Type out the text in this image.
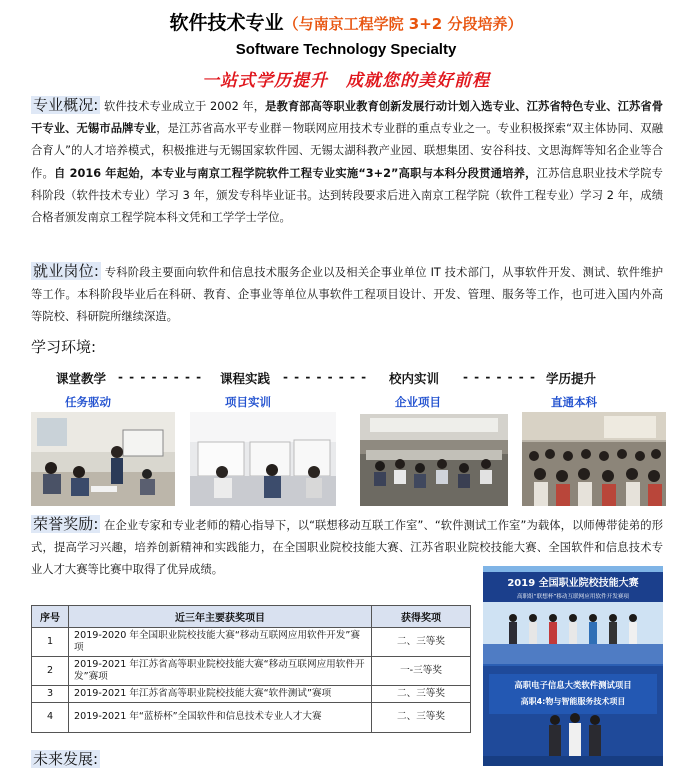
软件技术专业（与南京工程学院 3+2 分段培养）
Software Technology Specialty
一站式学历提升　成就您的美好前程
专业概况: 软件技术专业成立于 2002 年，是教育部高等职业教育创新发展行动计划入选专业、江苏省特色专业、江苏省骨干专业、无锡市品牌专业，是江苏省高水平专业群－物联网应用技术专业群的重点专业之一。专业积极探索“双主体协同、双融合育人”的人才培养模式，积极推进与无锡国家软件园、无锡太湖科教产业园、联想集团、安谷科技、文思海辉等知名企业等合作。自 2016 年起始，本专业与南京工程学院软件工程专业实施“3+2”高职与本科分段贯通培养，江苏信息职业技术学院专科阶段（软件技术专业）学习 3 年，颁发专科毕业证书。达到转段要求后进入南京工程学院（软件工程专业）学习 2 年，成绩合格者颁发南京工程学院本科文凭和工学学士学位。
就业岗位: 专科阶段主要面向软件和信息技术服务企业以及相关企事业单位 IT 技术部门，从事软件开发、测试、软件维护等工作。本科阶段毕业后在科研、教育、企事业等单位从事软件工程项目设计、开发、管理、服务等工作，也可进入国内外高等院校、科研院所继续深造。
学习环境:
课堂教学 - - - - - - - - 课程实践 - - - - - - - - 校内实训 - - - - - - - 学历提升
任务驱动	项目实训	企业项目	直通本科
荣誉奖励: 在企业专家和专业老师的精心指导下，以“联想移动互联工作室”、“软件测试工作室”为载体，以师傅带徒弟的形式，提高学习兴趣，培养创新精神和实践能力，在全国职业院校技能大赛、江苏省职业院校技能大赛、全国软件和信息技术专业人才大赛等比赛中取得了优异成绩。
序号	近三年主要获奖项目	获得奖项
1	2019-2020 年全国职业院校技能大赛“移动互联网应用软件开发”赛项	二、三等奖
2	2019-2021 年江苏省高等职业院校技能大赛“移动互联网应用软件开发”赛项	一-三等奖
3	2019-2021 年江苏省高等职业院校技能大赛“软件测试”赛项	二、三等奖
4	2019-2021 年“蓝桥杯”全国软件和信息技术专业人才大赛	二、三等奖
2019 全国职业院校技能大赛
高职组“联想杯”移动互联网应用软件开发赛项
高职电子信息大类软件测试项目
高职4:物与智能服务技术项目
未来发展:
